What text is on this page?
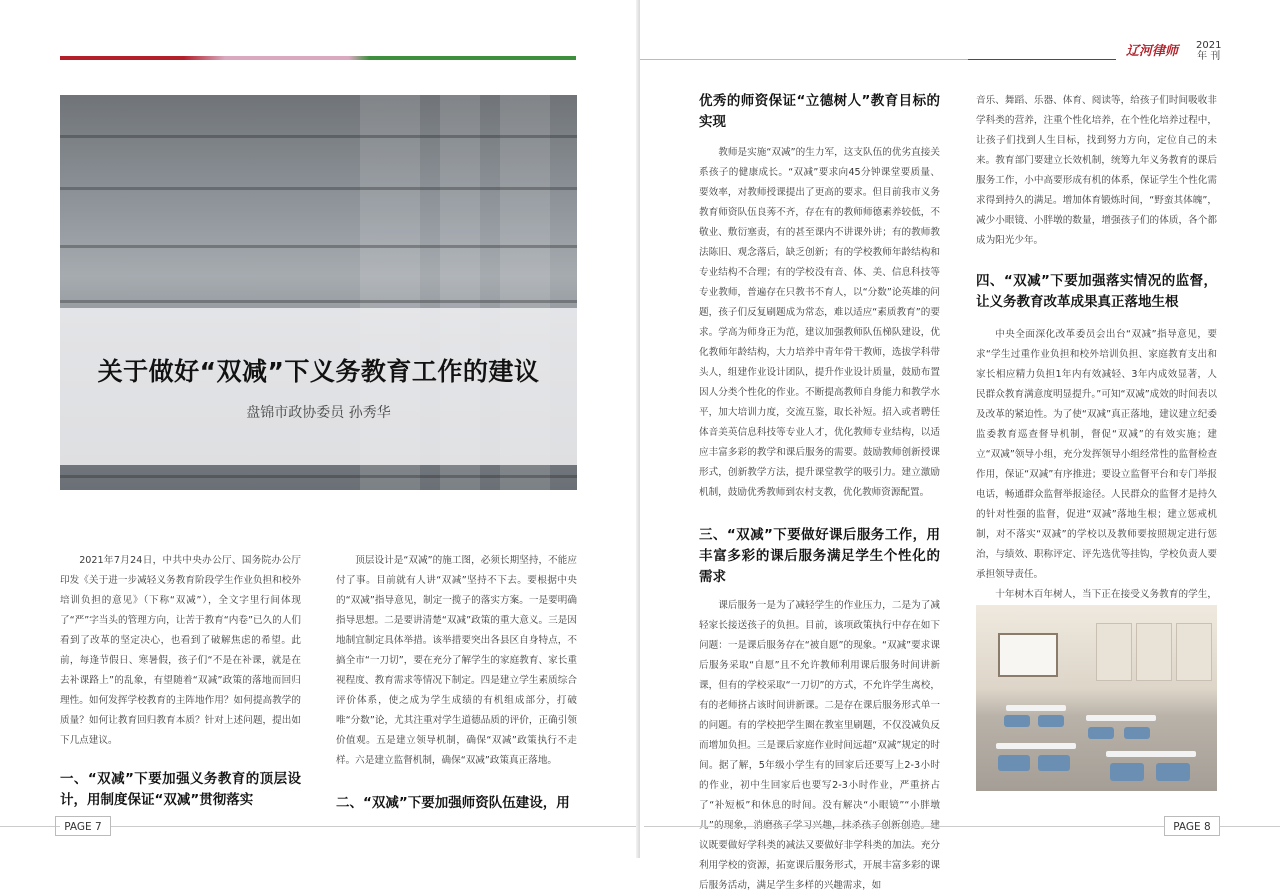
关于做好“双减”下义务教育工作的建议
盘锦市政协委员 孙秀华

2021年7月24日，中共中央办公厅、国务院办公厅印发《关于进一步减轻义务教育阶段学生作业负担和校外培训负担的意见》（下称“双减”），全文字里行间体现了“严”字当头的管理方向，让苦于教育“内卷”已久的人们看到了改革的坚定决心，也看到了破解焦虑的希望。此前，每逢节假日、寒暑假，孩子们“不是在补课，就是在去补课路上”的乱象，有望随着“双减”政策的落地而回归理性。如何发挥学校教育的主阵地作用？如何提高教学的质量？如何让教育回归教育本质？针对上述问题，提出如下几点建议。

一、“双减”下要加强义务教育的顶层设计，用制度保证“双减”贯彻落实

顶层设计是“双减”的施工图，必须长期坚持，不能应付了事。目前就有人讲“双减”坚持不下去。要根据中央的“双减”指导意见，制定一揽子的落实方案。一是要明确指导思想。二是要讲清楚“双减”政策的重大意义。三是因地制宜制定具体举措。该举措要突出各县区自身特点，不搞全市“一刀切”，要在充分了解学生的家庭教育、家长重视程度、教育需求等情况下制定。四是建立学生素质综合评价体系，使之成为学生成绩的有机组成部分，打破唯“分数”论，尤其注重对学生道德品质的评价，正确引领价值观。五是建立领导机制，确保“双减”政策执行不走样。六是建立监督机制，确保“双减”政策真正落地。

二、“双减”下要加强师资队伍建设，用
PAGE 7
辽河律师	2021
年 刊
优秀的师资保证“立德树人”教育目标的实现

教师是实施“双减”的生力军，这支队伍的优劣直接关系孩子的健康成长。“双减”要求向45分钟课堂要质量、要效率，对教师授课提出了更高的要求。但目前我市义务教育师资队伍良莠不齐，存在有的教师师德素养较低，不敬业、敷衍塞责，有的甚至课内不讲课外讲；有的教师教法陈旧、观念落后，缺乏创新；有的学校教师年龄结构和专业结构不合理；有的学校没有音、体、美、信息科技等专业教师，普遍存在只教书不育人，以“分数”论英雄的问题，孩子们反复刷题成为常态，难以适应“素质教育”的要求。学高为师身正为范，建议加强教师队伍梯队建设，优化教师年龄结构，大力培养中青年骨干教师，选拔学科带头人，组建作业设计团队，提升作业设计质量，鼓励布置因人分类个性化的作业。不断提高教师自身能力和教学水平，加大培训力度，交流互鉴，取长补短。招入或者聘任体音美英信息科技等专业人才，优化教师专业结构，以适应丰富多彩的教学和课后服务的需要。鼓励教师创新授课形式，创新教学方法，提升课堂教学的吸引力。建立激励机制，鼓励优秀教师到农村支教，优化教师资源配置。

三、“双减”下要做好课后服务工作，用丰富多彩的课后服务满足学生个性化的需求

课后服务一是为了减轻学生的作业压力，二是为了减轻家长接送孩子的负担。目前，该项政策执行中存在如下问题：一是课后服务存在“被自愿”的现象。“双减”要求课后服务采取“自愿”且不允许教师利用课后服务时间讲新课，但有的学校采取“一刀切”的方式，不允许学生离校，有的老师挤占该时间讲新课。二是存在课后服务形式单一的问题。有的学校把学生圈在教室里刷题，不仅没减负反而增加负担。三是课后家庭作业时间远超“双减”规定的时间。据了解，5年级小学生有的回家后还要写上2-3小时的作业，初中生回家后也要写2-3小时作业，严重挤占了“补短板”和休息的时间。没有解决“小眼镜”“小胖墩 议既要做好学科类的减法又要做好非学科类的加法。充分利用学校的资源，拓宽课后服务形式，开展丰富多彩的课后服务活动，满足学生多样的兴趣需求，如

音乐、舞蹈、乐器、体育、阅读等，给孩子们时间吸收非学科类的营养，注重个性化培养，在个性化培养过程中，让孩子们找到人生目标，找到努力方向，定位自己的未来。教育部门要建立长效机制，统筹九年义务教育的课后服务工作，小中高要形成有机的体系，保证学生个性化需求得到持久的满足。增加体育锻炼时间，“野蛮其体魄”，减少小眼镜、小胖墩的数量，增强孩子们的体质，各个都成为阳光少年。

四、“双减”下要加强落实情况的监督，让义务教育改革成果真正落地生根

中央全面深化改革委员会出台“双减”指导意见，要求“学生过重作业负担和校外培训负担、家庭教育支出和家长相应精力负担1年内有效减轻、3年内成效显著，人民群众教育满意度明显提升。”可知“双减”成效的时间表以及改革的紧迫性。为了使“双减”真正落地，建议建立纪委监委教育巡查督导机制，督促“双减”的有效实施；建立“双减”领导小组，充分发挥领导小组经常性的监督检查作用，保证“双减”有序推进；要设立监督平台和专门举报电话，畅通群众监督举报途径。人民群众的监督才是持久的针对性强的监督，促进“双减”落地生根；建立惩戒机制，对不落实“双减”的学校以及教师要按照规定进行惩治，与绩效、职称评定、评先选优等挂钩，学校负责人要承担领导责任。

十年树木百年树人，当下正在接受义务教育的学生，

PAGE 8
